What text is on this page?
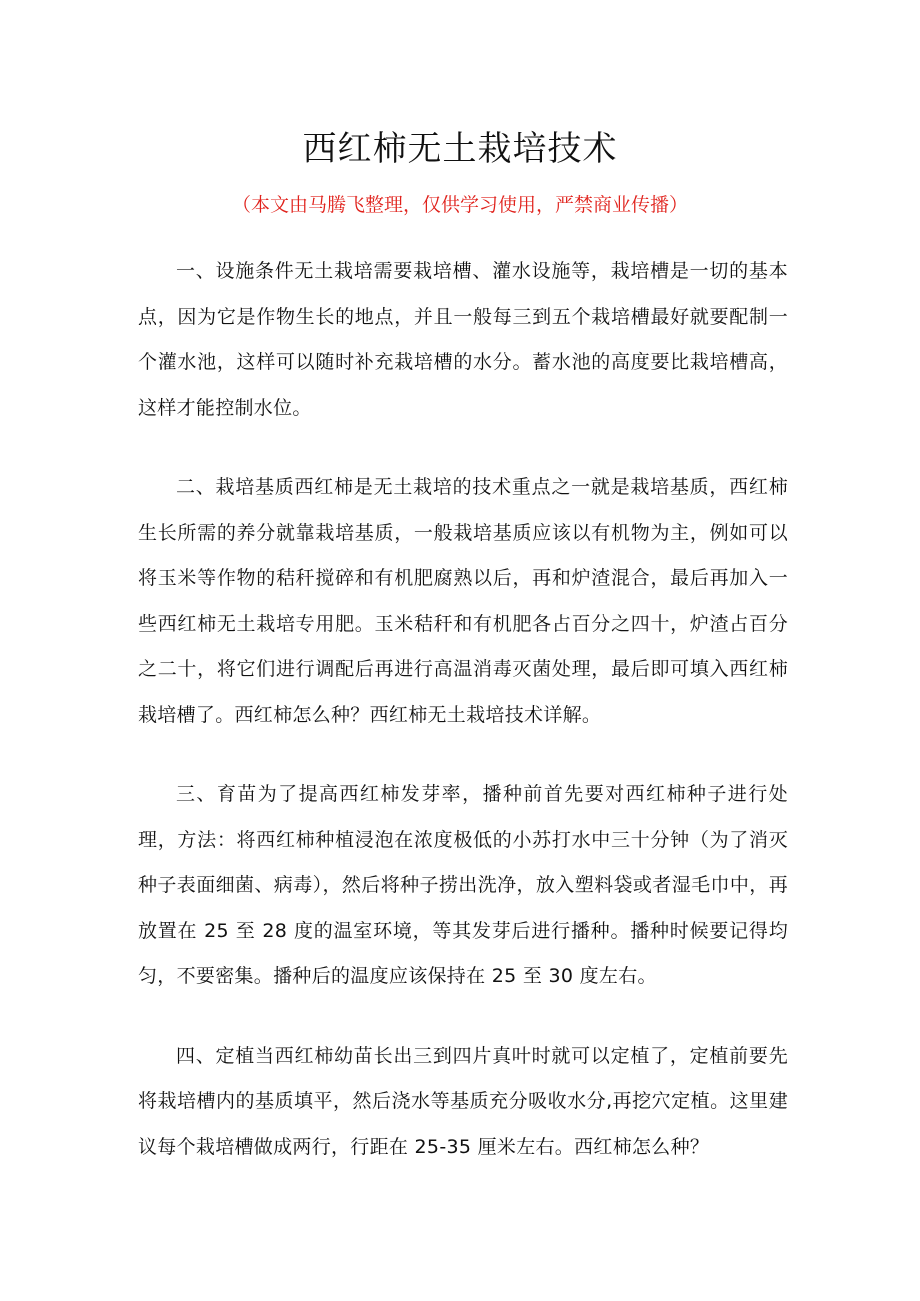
西红柿无土栽培技术
（本文由马腾飞整理，仅供学习使用，严禁商业传播）

一、设施条件无土栽培需要栽培槽、灌水设施等，栽培槽是一切的基本点，因为它是作物生长的地点，并且一般每三到五个栽培槽最好就要配制一个灌水池，这样可以随时补充栽培槽的水分。蓄水池的高度要比栽培槽高，这样才能控制水位。

二、栽培基质西红柿是无土栽培的技术重点之一就是栽培基质，西红柿生长所需的养分就靠栽培基质，一般栽培基质应该以有机物为主，例如可以将玉米等作物的秸秆搅碎和有机肥腐熟以后，再和炉渣混合，最后再加入一些西红柿无土栽培专用肥。玉米秸秆和有机肥各占百分之四十，炉渣占百分之二十，将它们进行调配后再进行高温消毒灭菌处理，最后即可填入西红柿栽培槽了。西红柿怎么种？西红柿无土栽培技术详解。

三、育苗为了提高西红柿发芽率，播种前首先要对西红柿种子进行处理，方法：将西红柿种植浸泡在浓度极低的小苏打水中三十分钟（为了消灭种子表面细菌、病毒），然后将种子捞出洗净，放入塑料袋或者湿毛巾中，再放置在 25 至 28 度的温室环境，等其发芽后进行播种。播种时候要记得均匀，不要密集。播种后的温度应该保持在 25 至 30 度左右。

四、定植当西红柿幼苗长出三到四片真叶时就可以定植了，定植前要先将栽培槽内的基质填平，然后浇水等基质充分吸收水分,再挖穴定植。这里建议每个栽培槽做成两行，行距在 25-35 厘米左右。西红柿怎么种？
